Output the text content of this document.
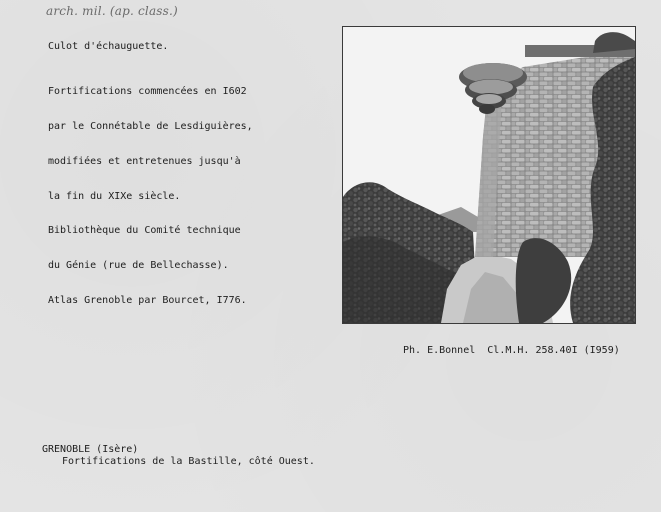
arch. mil. (ap. class.)
Culot d'échauguette.

Fortifications commencées en I602

par le Connétable de Lesdiguières,

modifiées et entretenues jusqu'à

la fin du XIXe siècle.

Bibliothèque du Comité technique

du Génie (rue de Bellechasse).

Atlas Grenoble par Bourcet, I776.

Ph. E.Bonnel  Cl.M.H. 258.40I (I959)
GRENOBLE (Isère)
Fortifications de la Bastille, côté Ouest.
